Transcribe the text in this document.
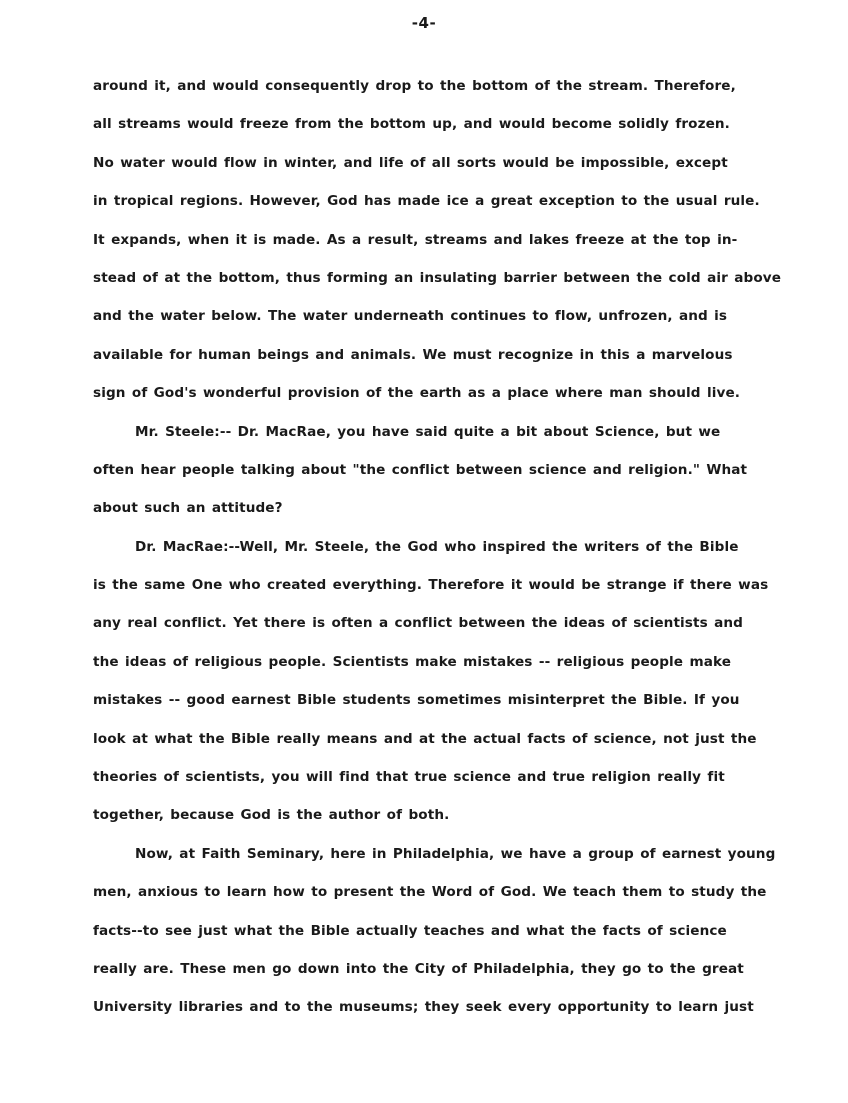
-4-
around it, and would consequently drop to the bottom of the stream. Therefore,
all streams would freeze from the bottom up, and would become solidly frozen.
No water would flow in winter, and life of all sorts would be impossible, except
in tropical regions. However, God has made ice a great exception to the usual rule.
It expands, when it is made. As a result, streams and lakes freeze at the top in-
stead of at the bottom, thus forming an insulating barrier between the cold air above
and the water below. The water underneath continues to flow, unfrozen, and is
available for human beings and animals. We must recognize in this a marvelous
sign of God's wonderful provision of the earth as a place where man should live.
Mr. Steele:-- Dr. MacRae, you have said quite a bit about Science, but we
often hear people talking about "the conflict between science and religion." What
about such an attitude?
Dr. MacRae:--Well, Mr. Steele, the God who inspired the writers of the Bible
is the same One who created everything. Therefore it would be strange if there was
any real conflict. Yet there is often a conflict between the ideas of scientists and
the ideas of religious people. Scientists make mistakes -- religious people make
mistakes -- good earnest Bible students sometimes misinterpret the Bible. If you
look at what the Bible really means and at the actual facts of science, not just the
theories of scientists, you will find that true science and true religion really fit
together, because God is the author of both.
Now, at Faith Seminary, here in Philadelphia, we have a group of earnest young
men, anxious to learn how to present the Word of God. We teach them to study the
facts--to see just what the Bible actually teaches and what the facts of science
really are. These men go down into the City of Philadelphia, they go to the great
University libraries and to the museums; they seek every opportunity to learn just
